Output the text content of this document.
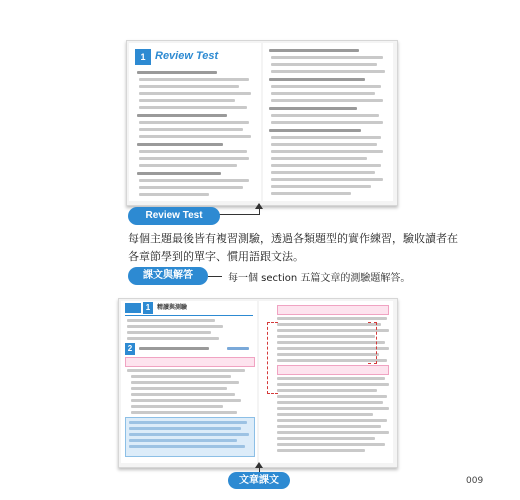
1 Review Test
Review Test
每個主題最後皆有複習測驗，透過各類題型的實作練習，驗收讀者在
各章節學到的單字、慣用語跟文法。
課文與解答	每一個 section 五篇文章的測驗題解答。
1	精讀與測驗
2
文章課文	009
